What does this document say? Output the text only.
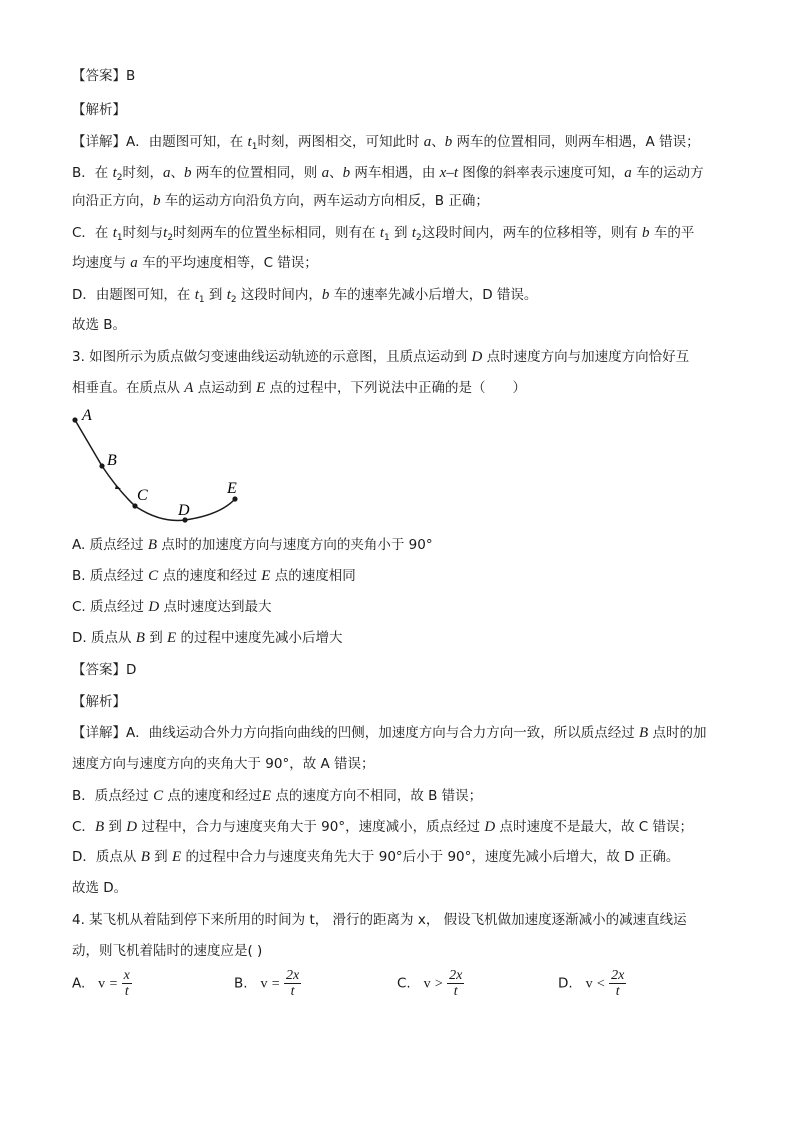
【答案】B
【解析】
【详解】A．由题图可知，在 $t_1$时刻，两图相交，可知此时 a、b 两车的位置相同，则两车相遇，A 错误；
B．在 $t_2$时刻，a、b 两车的位置相同，则 a、b 两车相遇，由 x–t 图像的斜率表示速度可知，a 车的运动方
向沿正方向，b 车的运动方向沿负方向，两车运动方向相反，B 正确；
C．在 $t_1$时刻与$t_2$时刻两车的位置坐标相同，则有在 $t_1$ 到 $t_2$这段时间内，两车的位移相等，则有 b 车的平
均速度与 a 车的平均速度相等，C 错误；
D．由题图可知，在 $t_1$ 到 $t_2$ 这段时间内，b 车的速率先减小后增大，D 错误。
故选 B。
3. 如图所示为质点做匀变速曲线运动轨迹的示意图，且质点运动到 D 点时速度方向与加速度方向恰好互
相垂直。在质点从 A 点运动到 E 点的过程中，下列说法中正确的是（　　）
A
B
C
D
E
A. 质点经过 B 点时的加速度方向与速度方向的夹角小于 90°
B. 质点经过 C 点的速度和经过 E 点的速度相同
C. 质点经过 D 点时速度达到最大
D. 质点从 B 到 E 的过程中速度先减小后增大
【答案】D
【解析】
【详解】A．曲线运动合外力方向指向曲线的凹侧，加速度方向与合力方向一致，所以质点经过 B 点时的加
速度方向与速度方向的夹角大于 90°，故 A 错误；
B．质点经过 C 点的速度和经过E 点的速度方向不相同，故 B 错误；
C．B 到 D 过程中，合力与速度夹角大于 90°，速度减小，质点经过 D 点时速度不是最大，故 C 错误；
D．质点从 B 到 E 的过程中合力与速度夹角先大于 90°后小于 90°，速度先减小后增大，故 D 正确。
故选 D。
4. 某飞机从着陆到停下来所用的时间为 t， 滑行的距离为 x， 假设飞机做加速度逐渐减小的减速直线运
动，则飞机着陆时的速度应是( )
A. $v = \frac{x}{t}$	B. $v = \frac{2x}{t}$	C. $v > \frac{2x}{t}$	D. $v < \frac{2x}{t}$
